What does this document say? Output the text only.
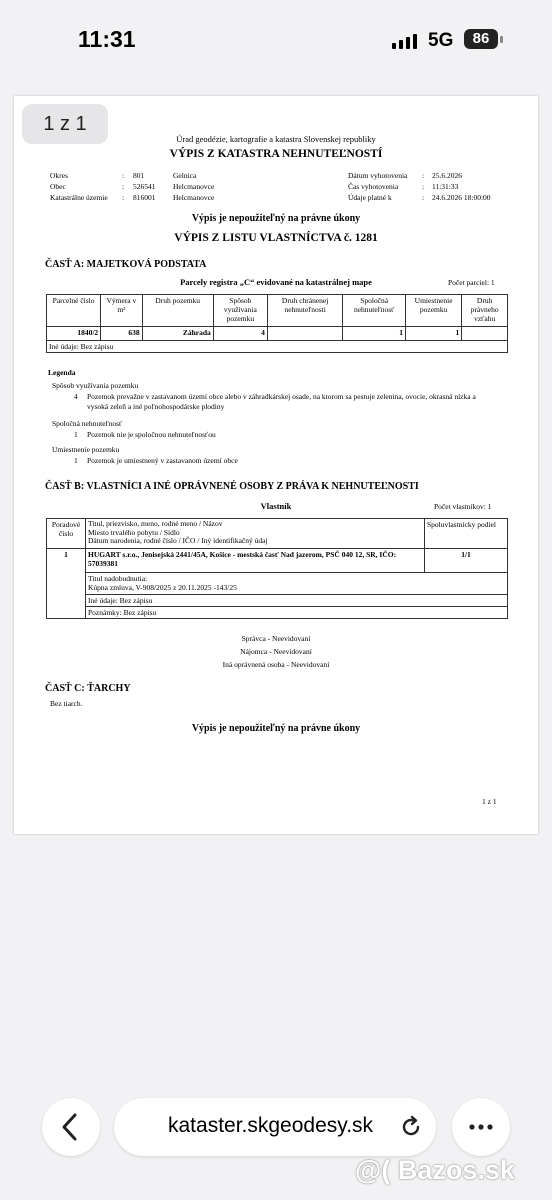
11:31	5G	86
1 z 1
Úrad geodézie, kartografie a katastra Slovenskej republiky
VÝPIS Z KATASTRA NEHNUTEĽNOSTÍ
Okres	: 801	Gelnica
Obec	: 526541 Helcmanovce
Katastrálne územie : 816001 Helcmanovce
Dátum vyhotovenia : 25.6.2026
Čas vyhotovenia	: 11:31:33
Údaje platné k	: 24.6.2026 18:00:00
Výpis je nepoužiteľný na právne úkony
VÝPIS Z LISTU VLASTNÍCTVA č. 1281
ČASŤ A: MAJETKOVÁ PODSTATA
Parcely registra „C“ evidované na katastrálnej mape	Počet parciel: 1
Parcelné číslo	Výmera v m²	Druh pozemku	Spôsob využívania pozemku	Druh chránenej nehnuteľnosti	Spoločná nehnuteľnosť	Umiestnenie pozemku	Druh právneho vzťahu
1840/2	638	Záhrada	4		1	1	
Iné údaje: Bez zápisu							
Legenda
Spôsob využívania pozemku
4 Pozemok prevažne v zastavanom území obce alebo v záhradkárskej osade, na ktorom sa pestuje zelenina, ovocie, okrasná nízka a vysoká zeleň a iné poľnohospodárske plodiny
Spoločná nehnuteľnosť
1 Pozemok nie je spoločnou nehnuteľnosťou
Umiestnenie pozemku
1 Pozemok je umiestnený v zastavanom území obce
ČASŤ B: VLASTNÍCI A INÉ OPRÁVNENÉ OSOBY Z PRÁVA K NEHNUTEĽNOSTI
Vlastník	Počet vlastníkov: 1
Poradové číslo	Titul, priezvisko, meno, rodné meno / Názov
Miesto trvalého pobytu / Sídlo
Dátum narodenia, rodné číslo / IČO / Iný identifikačný údaj	Spoluvlastnícky podiel
1	HUGART s.r.o., Jenisejská 2441/45A, Košice - mestská časť Nad jazerom, PSČ 040 12, SR, IČO: 57039381	1/1

	Titul nadobudnutia:
Kúpna zmluva, V-908/2025 z 20.11.2025 -143/25	

	Iné údaje: Bez zápisu	
	Poznámky: Bez zápisu	
Správca - Neevidovaní
Nájomca - Neevidovaní
Iná oprávnená osoba - Neevidovaní
ČASŤ C: ŤARCHY
Bez tiarch.
Výpis je nepoužiteľný na právne úkony
1 z 1
kataster.skgeodesy.sk
@( Bazos.sk
